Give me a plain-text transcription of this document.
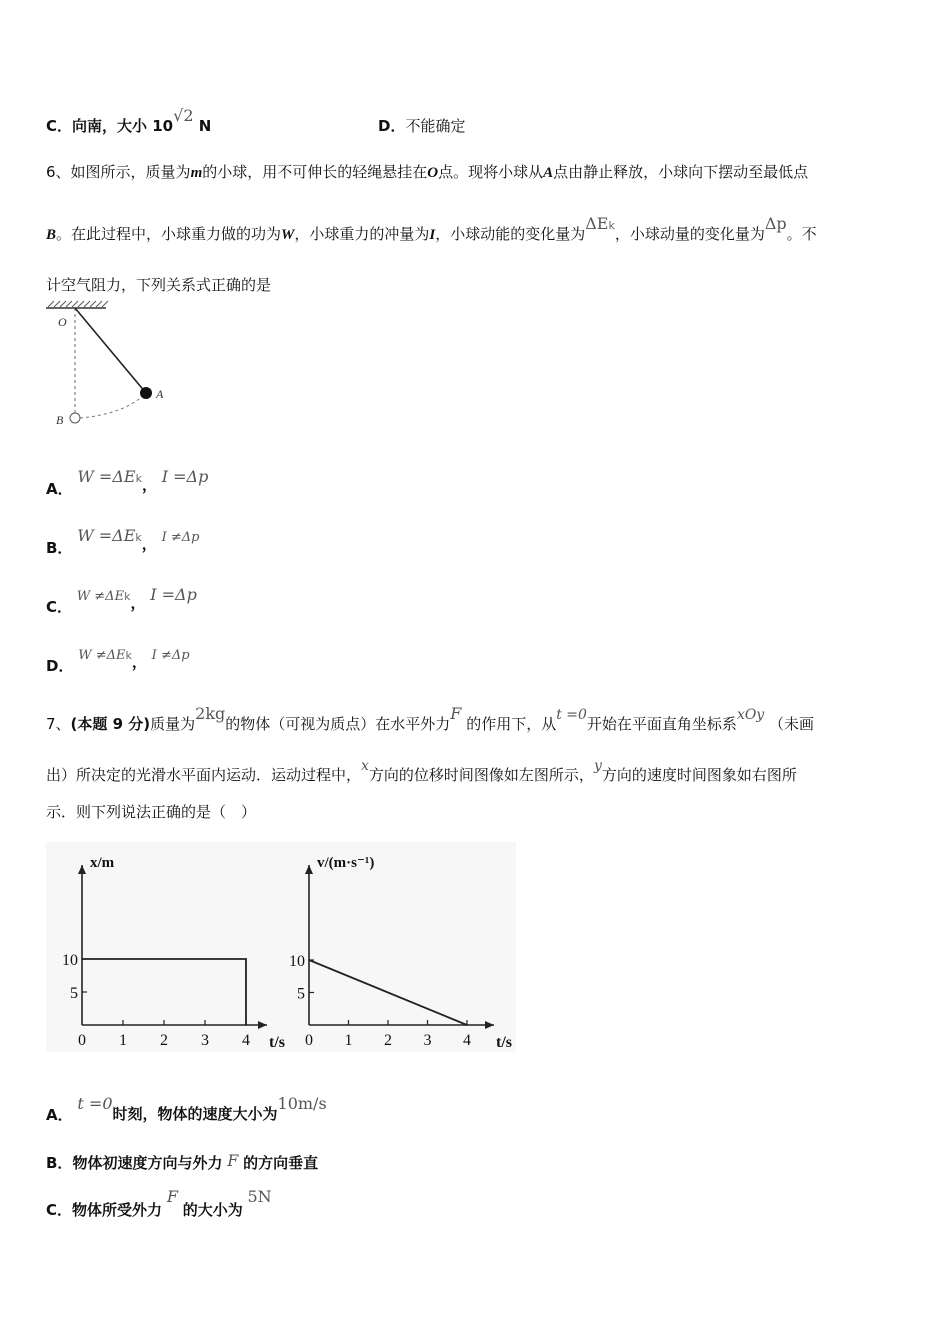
C．向南，大小 10√2 N	D．不能确定
6、如图所示，质量为m的小球，用不可伸长的轻绳悬挂在O点。现将小球从A点由静止释放，小球向下摆动至最低点
B。在此过程中，小球重力做的功为W，小球重力的冲量为I，小球动能的变化量为$\Delta E^k$，小球动量的变化量为Δp。不
计空气阻力，下列关系式正确的是
O
A
B
A． W =ΔEk， I =Δp
B． W =ΔEk， I ≠Δp
C． W ≠ΔEk， I =Δp
D． W ≠ΔEk， I ≠Δp
7、(本题 9 分)质量为2kg的物体（可视为质点）在水平外力F 的作用下，从t =0开始在平面直角坐标系xOy （未画
出）所决定的光滑水平面内运动．运动过程中，x方向的位移时间图像如左图所示，y方向的速度时间图象如右图所
示．则下列说法正确的是（　）
0 1 2 3 4
5
10
t/s
x/m
0 1 2 3 4
5
10
t/s
v/(m·s⁻¹)
A． t =0时刻，物体的速度大小为10m/s
B．物体初速度方向与外力 F 的方向垂直
C．物体所受外力 F 的大小为 5N
